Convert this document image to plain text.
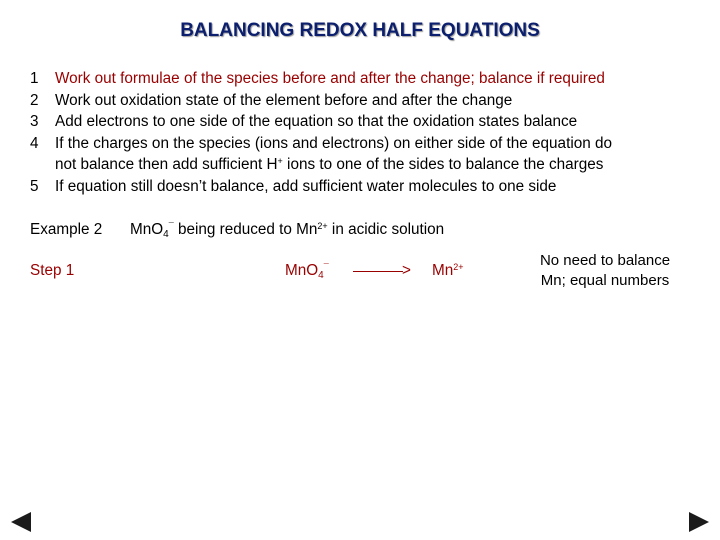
BALANCING REDOX HALF EQUATIONS
1	Work out formulae of the species before and after the change; balance if required
2	Work out oxidation state of the element before and after the change
3	Add electrons to one side of the equation so that the oxidation states balance
4	If the charges on the species (ions and electrons) on either side of the equation do
not balance then add sufficient H+ ions to one of the sides to balance the charges
5	If equation still doesn’t balance, add sufficient water molecules to one side
Example 2 MnO$_4$¯ being reduced to $Mn^{2+}$ in acidic solution
Step 1	MnO$_4$¯	> $Mn^{2+}$	No need to balance
Mn; equal numbers
